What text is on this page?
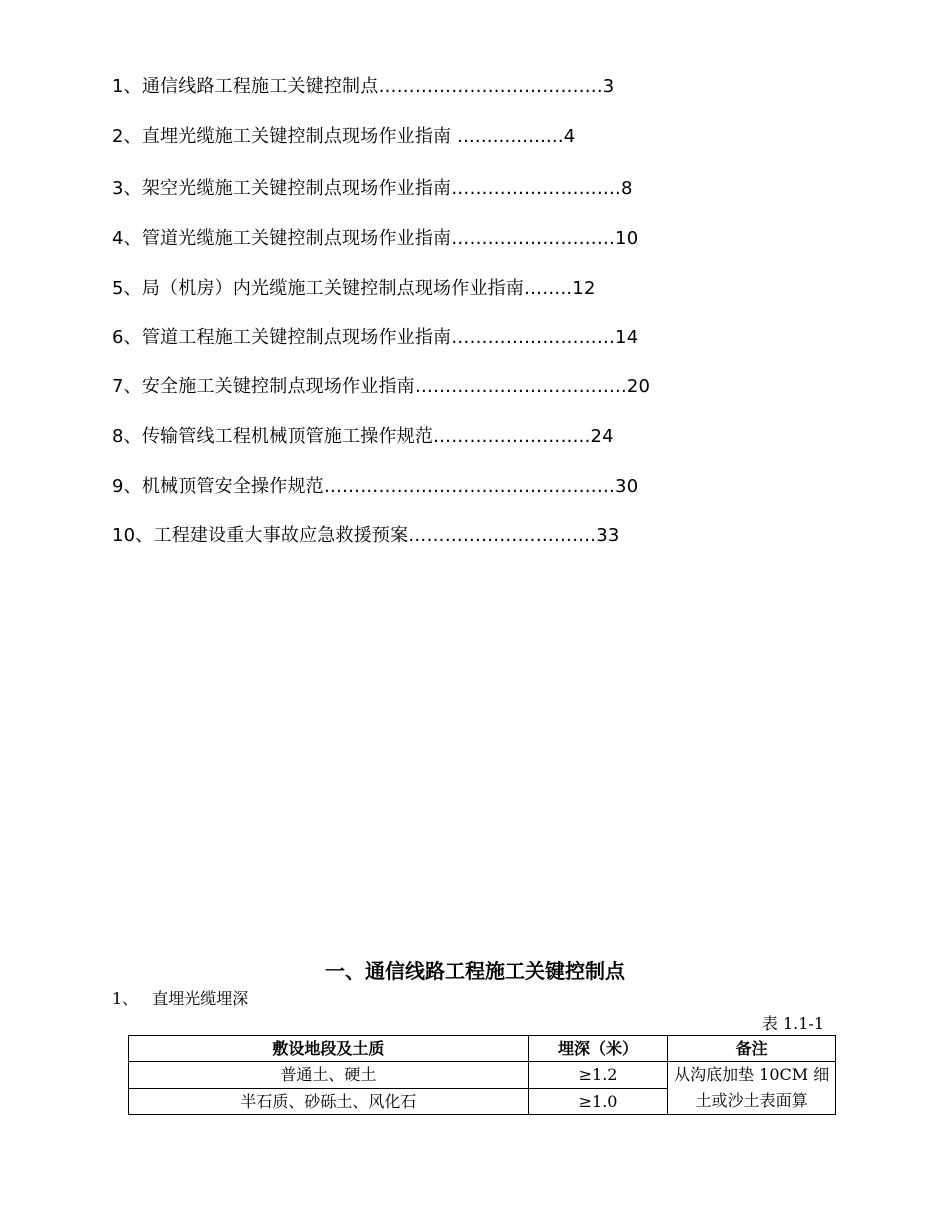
1、通信线路工程施工关键控制点……………………………….3
2、直埋光缆施工关键控制点现场作业指南 ..................4
3、架空光缆施工关键控制点现场作业指南……………………….8
4、管道光缆施工关键控制点现场作业指南………………………10
5、局（机房）内光缆施工关键控制点现场作业指南……..12
6、管道工程施工关键控制点现场作业指南………………………14
7、安全施工关键控制点现场作业指南……………………………..20
8、传输管线工程机械顶管施工操作规范……………………..24
9、机械顶管安全操作规范…………………………………………30
10、工程建设重大事故应急救援预案………………………….33
一、通信线路工程施工关键控制点
1、 直埋光缆埋深
表 1.1-1
敷设地段及土质	埋深（米）	备注
普通土、硬土	≥1.2	从沟底加垫 10CM 细土或沙土表面算
半石质、砂砾土、风化石	≥1.0	
